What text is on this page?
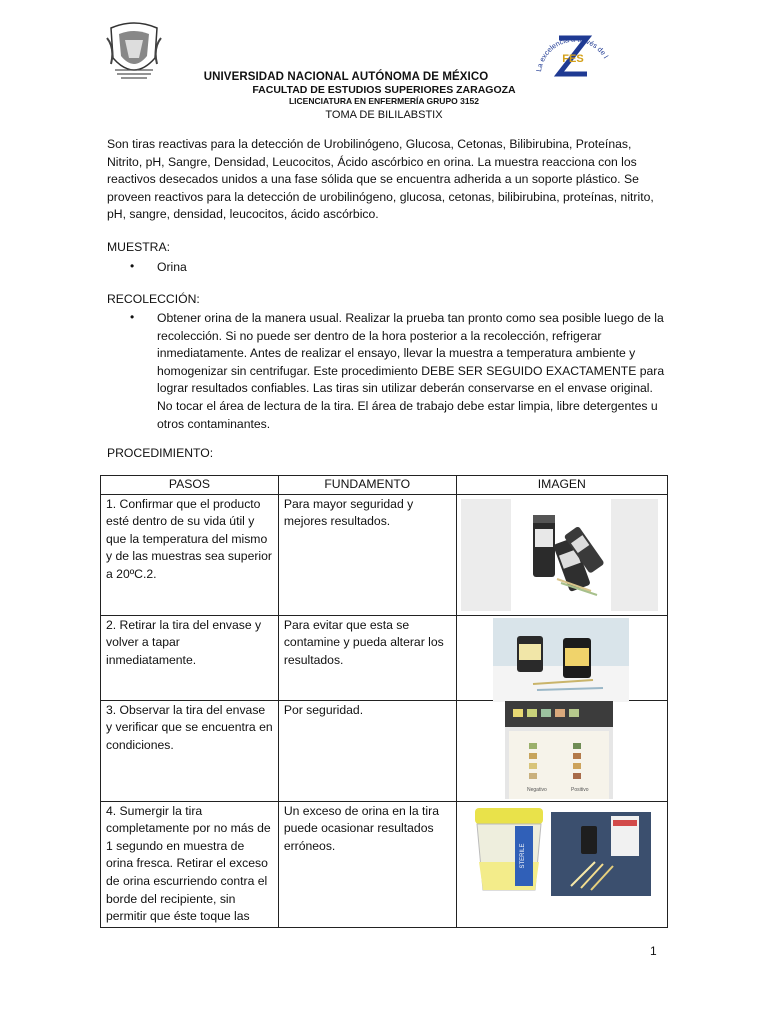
La excelencia a través de l
FES
UNIVERSIDAD NACIONAL AUTÓNOMA DE MÉXICO
FACULTAD DE ESTUDIOS SUPERIORES ZARAGOZA
LICENCIATURA EN ENFERMERÍA GRUPO 3152
TOMA DE BILILABSTIX
Son tiras reactivas para la detección de Urobilinógeno, Glucosa, Cetonas, Bilibirubina, Proteínas, Nitrito, pH, Sangre, Densidad, Leucocitos, Ácido ascórbico en orina. La muestra reacciona con los reactivos desecados unidos a una fase sólida que se encuentra adherida a un soporte plástico. Se proveen reactivos para la detección de urobilinógeno, glucosa, cetonas, bilibirubina, proteínas, nitrito, pH, sangre, densidad, leucocitos, ácido ascórbico.
MUESTRA:
• Orina
RECOLECCIÓN:
• Obtener orina de la manera usual. Realizar la prueba tan pronto como sea posible luego de la recolección. Si no puede ser dentro de la hora posterior a la recolección, refrigerar inmediatamente. Antes de realizar el ensayo, llevar la muestra a temperatura ambiente y homogenizar sin centrifugar. Este procedimiento DEBE SER SEGUIDO EXACTAMENTE para lograr resultados confiables. Las tiras sin utilizar deberán conservarse en el envase original. No tocar el área de lectura de la tira. El área de trabajo debe estar limpia, libre detergentes u otros contaminantes.
PROCEDIMIENTO:
PASOS	FUNDAMENTO	IMAGEN
1. Confirmar que el producto esté dentro de su vida útil y que la temperatura del mismo y de las muestras sea superior a 20ºC.2.	Para mayor seguridad y mejores resultados.	

2. Retirar la tira del envase y volver a tapar inmediatamente.	Para evitar que esta se contamine y pueda alterar los resultados.	

3. Observar la tira del envase y verificar que se encuentra en condiciones.	Por seguridad.	Negativo Positivo

4. Sumergir la tira completamente por no más de 1 segundo en muestra de orina fresca. Retirar el exceso de orina escurriendo contra el borde del recipiente, sin permitir que éste toque las	Un exceso de orina en la tira puede ocasionar resultados erróneos.	STERILE
1
